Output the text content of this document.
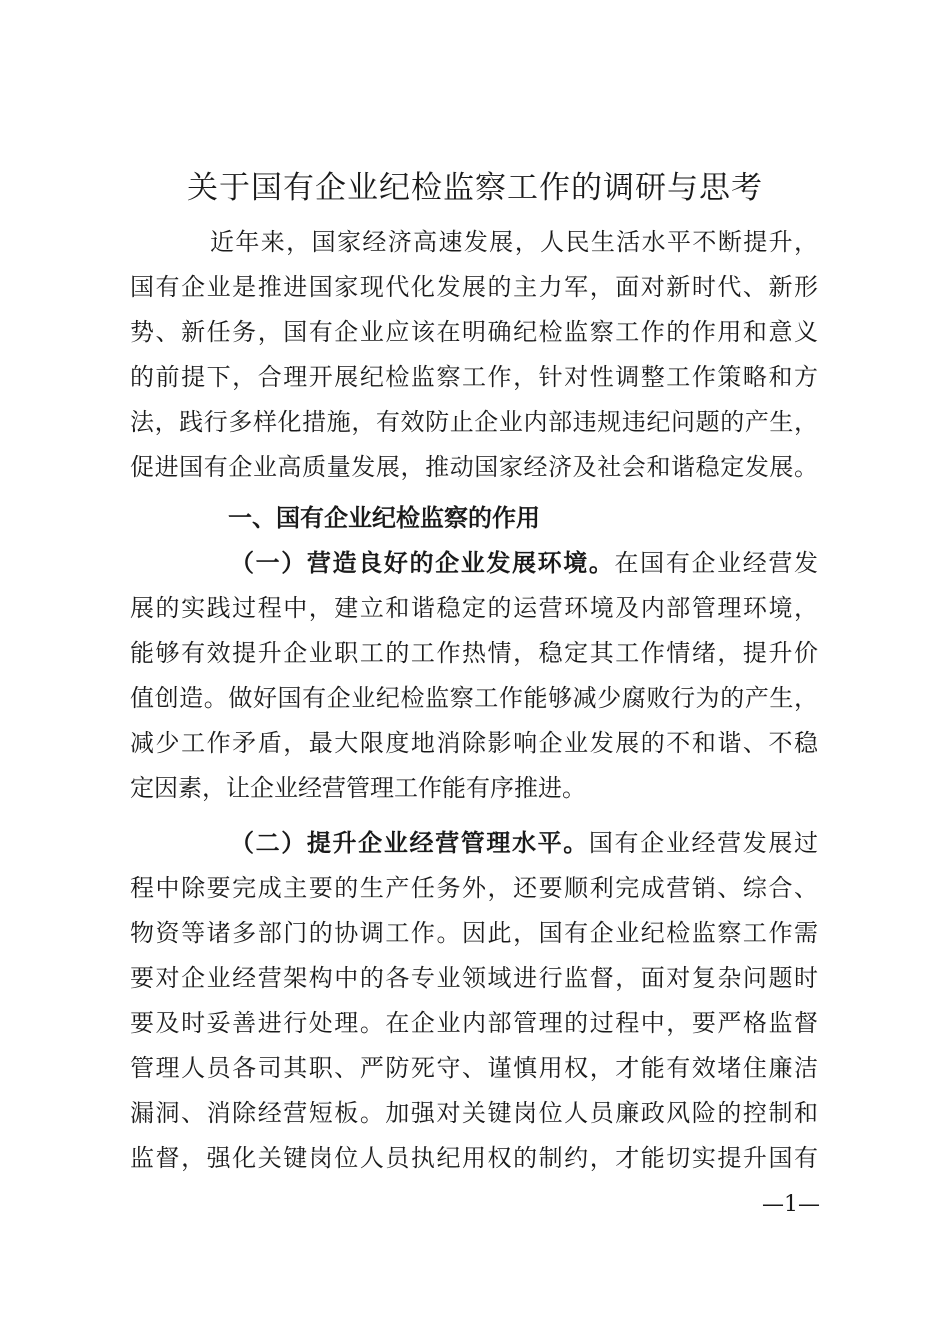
关于国有企业纪检监察工作的调研与思考
近年来，国家经济高速发展，人民生活水平不断提升，
国有企业是推进国家现代化发展的主力军，面对新时代、新形
势、新任务，国有企业应该在明确纪检监察工作的作用和意义
的前提下，合理开展纪检监察工作，针对性调整工作策略和方
法，践行多样化措施，有效防止企业内部违规违纪问题的产生，
促进国有企业高质量发展，推动国家经济及社会和谐稳定发展。
一、国有企业纪检监察的作用
（一）营造良好的企业发展环境。在国有企业经营发
展的实践过程中，建立和谐稳定的运营环境及内部管理环境，
能够有效提升企业职工的工作热情，稳定其工作情绪，提升价
值创造。做好国有企业纪检监察工作能够减少腐败行为的产生，
减少工作矛盾，最大限度地消除影响企业发展的不和谐、不稳
定因素，让企业经营管理工作能有序推进。
（二）提升企业经营管理水平。国有企业经营发展过
程中除要完成主要的生产任务外，还要顺利完成营销、综合、
物资等诸多部门的协调工作。因此，国有企业纪检监察工作需
要对企业经营架构中的各专业领域进行监督，面对复杂问题时
要及时妥善进行处理。在企业内部管理的过程中，要严格监督
管理人员各司其职、严防死守、谨慎用权，才能有效堵住廉洁
漏洞、消除经营短板。加强对关键岗位人员廉政风险的控制和
监督，强化关键岗位人员执纪用权的制约，才能切实提升国有
—1—
